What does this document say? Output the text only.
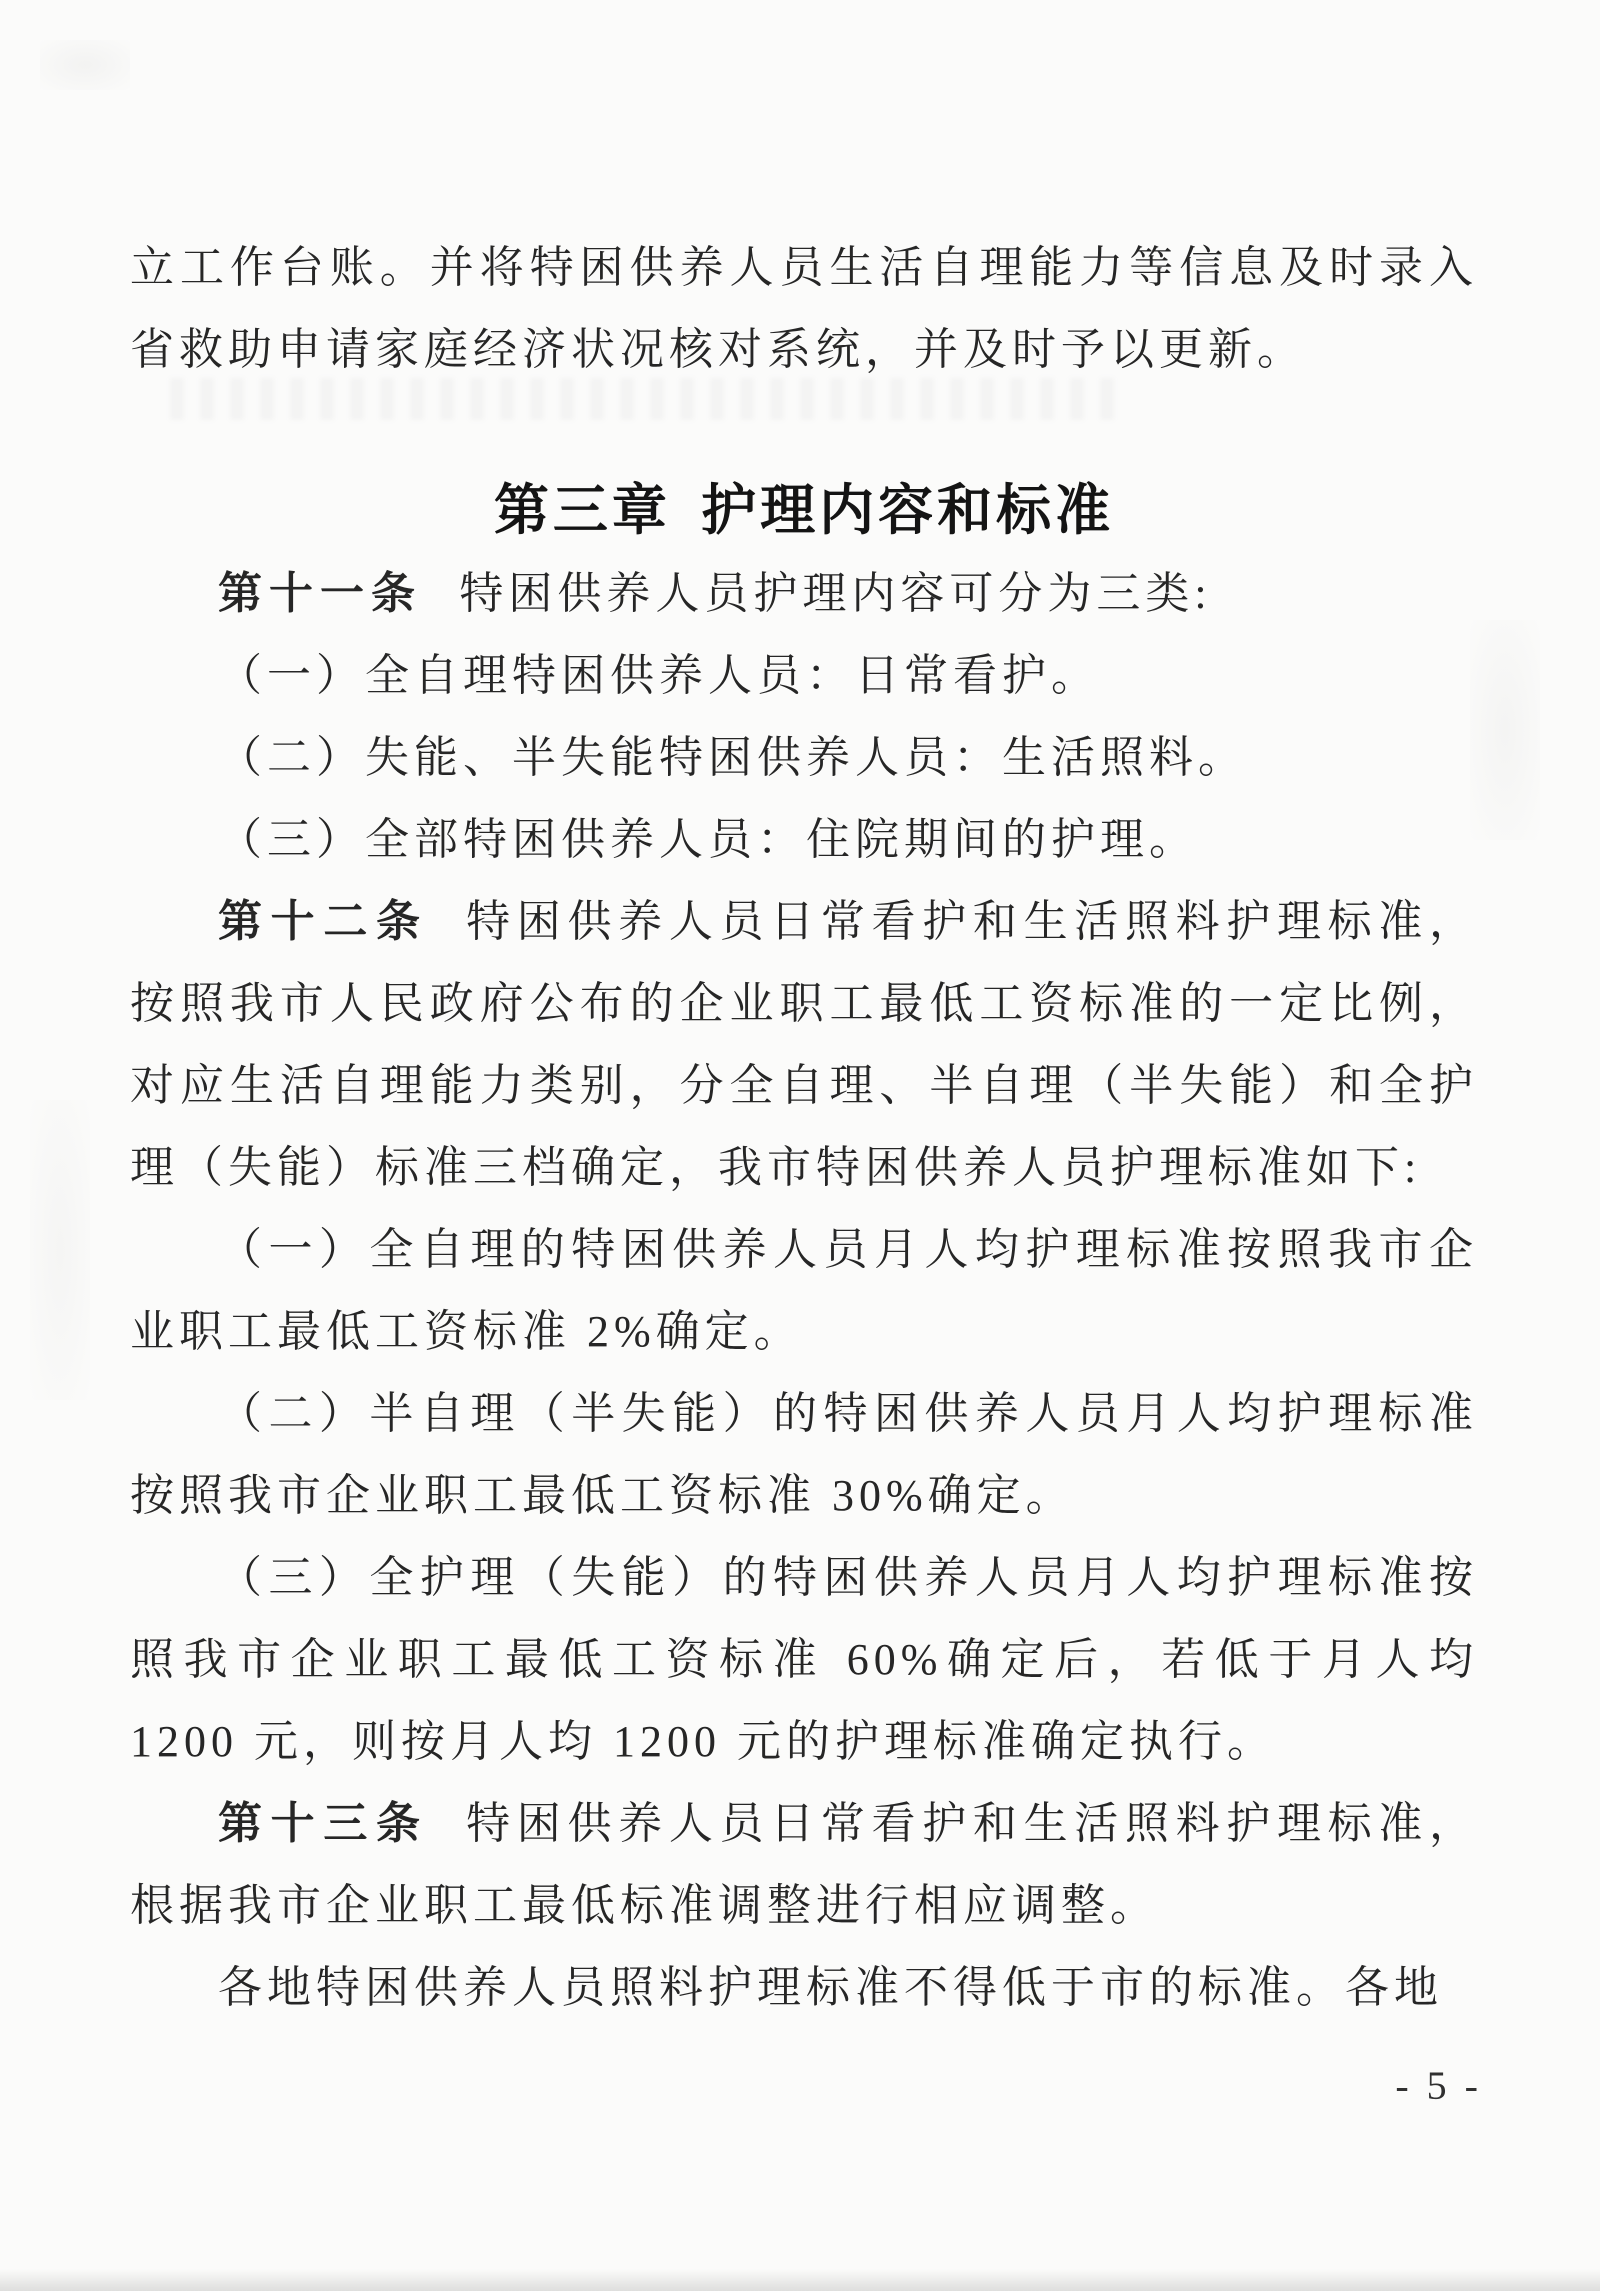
立工作台账。并将特困供养人员生活自理能力等信息及时录入省救助申请家庭经济状况核对系统，并及时予以更新。

第三章 护理内容和标准

第十一条 特困供养人员护理内容可分为三类:

（一）全自理特困供养人员：日常看护。

（二）失能、半失能特困供养人员：生活照料。

（三）全部特困供养人员：住院期间的护理。

第十二条 特困供养人员日常看护和生活照料护理标准，按照我市人民政府公布的企业职工最低工资标准的一定比例，对应生活自理能力类别，分全自理、半自理（半失能）和全护理（失能）标准三档确定，我市特困供养人员护理标准如下:

（一）全自理的特困供养人员月人均护理标准按照我市企业职工最低工资标准 2%确定。

（二）半自理（半失能）的特困供养人员月人均护理标准按照我市企业职工最低工资标准 30%确定。

（三）全护理（失能）的特困供养人员月人均护理标准按照我市企业职工最低工资标准 60%确定后，若低于月人均 1200 元，则按月人均 1200 元的护理标准确定执行。

第十三条 特困供养人员日常看护和生活照料护理标准，根据我市企业职工最低标准调整进行相应调整。

各地特困供养人员照料护理标准不得低于市的标准。各地

- 5 -
